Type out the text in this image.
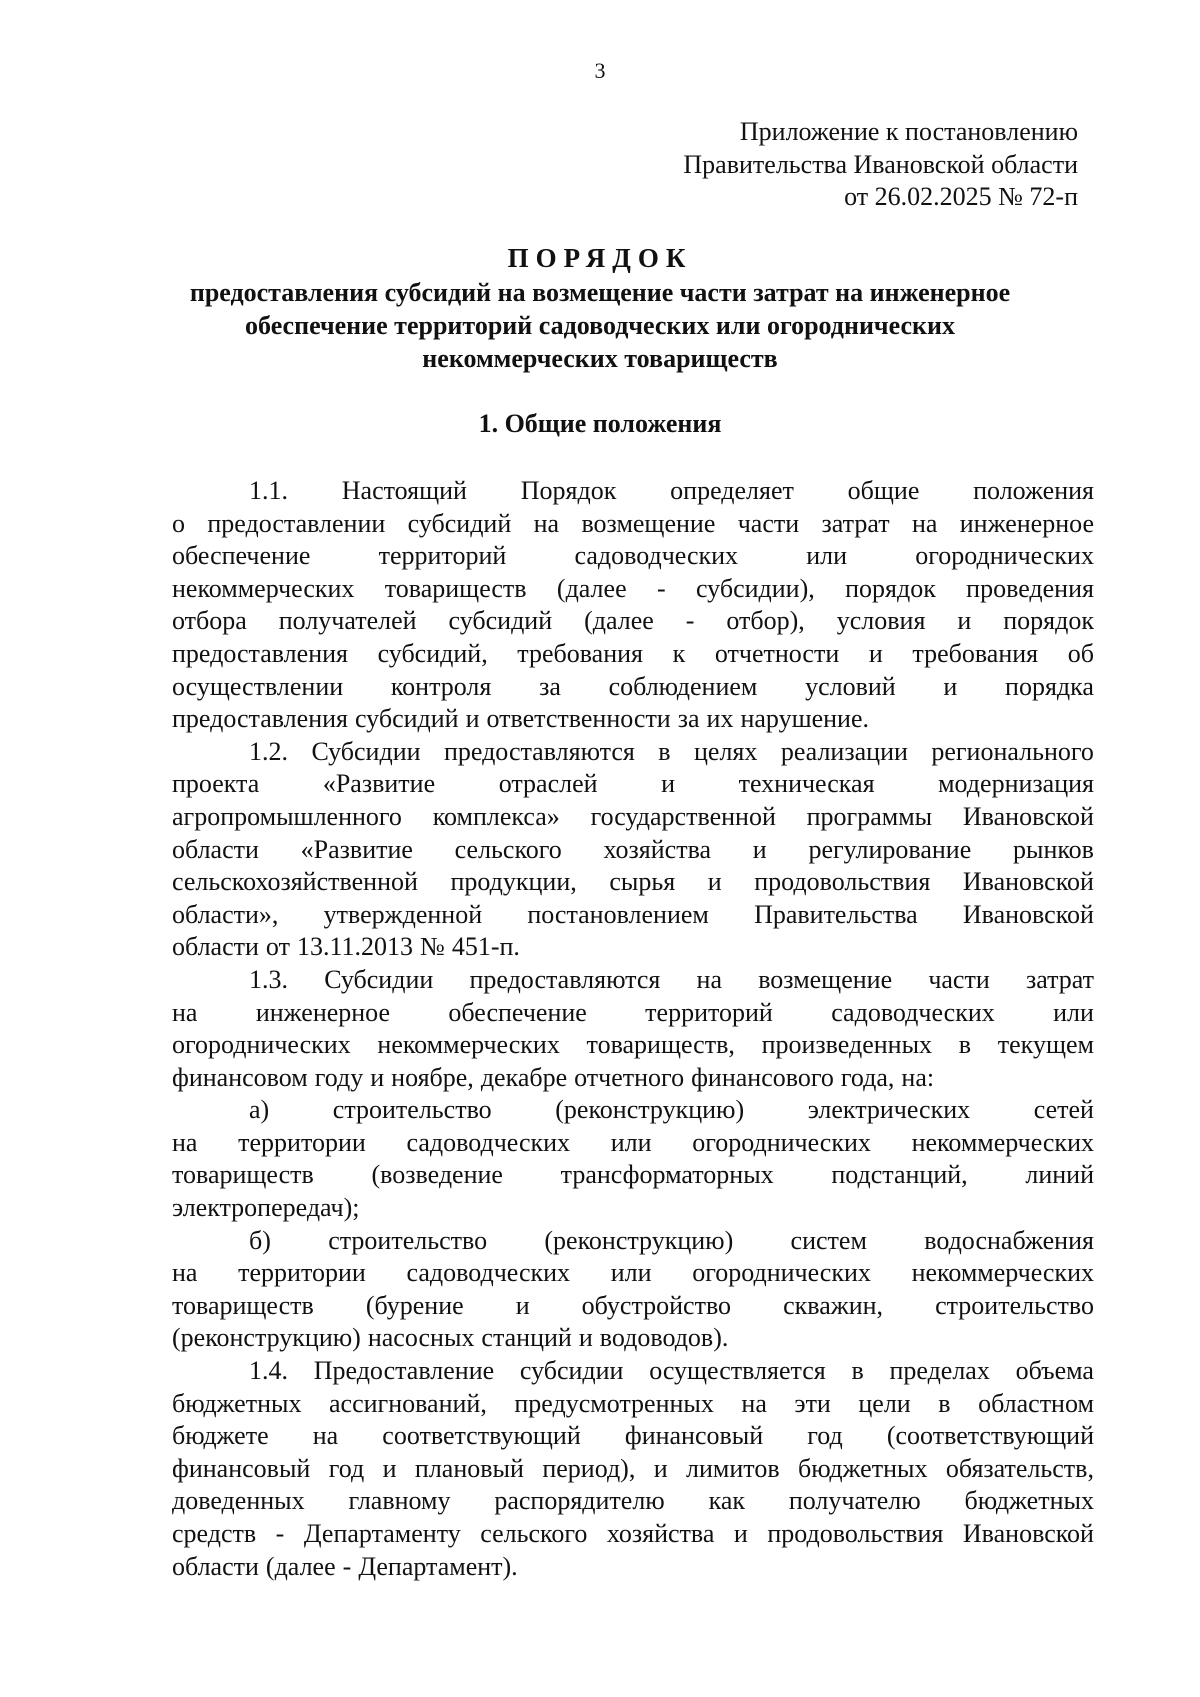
3
Приложение к постановлению
Правительства Ивановской области
от 26.02.2025 № 72-п
ПОРЯДОК
предоставления субсидий на возмещение части затрат на инженерное
обеспечение территорий садоводческих или огороднических
некоммерческих товариществ
1. Общие положения
1.1. Настоящий Порядок определяет общие положения
о предоставлении субсидий на возмещение части затрат на инженерное
обеспечение	территорий	садоводческих	или	огороднических
некоммерческих товариществ (далее - субсидии), порядок проведения
отбора получателей субсидий (далее - отбор), условия и порядок
предоставления субсидий, требования к отчетности и требования об
осуществлении контроля за соблюдением условий и порядка
предоставления субсидий и ответственности за их нарушение.
1.2. Субсидии предоставляются в целях реализации регионального
проекта «Развитие отраслей и техническая модернизация
агропромышленного комплекса» государственной программы Ивановской
области «Развитие сельского хозяйства и регулирование рынков
сельскохозяйственной продукции, сырья и продовольствия Ивановской
области», утвержденной постановлением Правительства Ивановской
области от 13.11.2013 № 451-п.
1.3. Субсидии предоставляются на возмещение части затрат
на инженерное обеспечение территорий садоводческих или
огороднических некоммерческих товариществ, произведенных в текущем
финансовом году и ноябре, декабре отчетного финансового года, на:
а) строительство (реконструкцию) электрических сетей
на территории садоводческих или огороднических некоммерческих
товариществ (возведение трансформаторных подстанций, линий
электропередач);
б) строительство (реконструкцию) систем водоснабжения
на территории садоводческих или огороднических некоммерческих
товариществ (бурение и обустройство скважин, строительство
(реконструкцию) насосных станций и водоводов).
1.4. Предоставление субсидии осуществляется в пределах объема
бюджетных ассигнований, предусмотренных на эти цели в областном
бюджете на соответствующий финансовый год (соответствующий
финансовый год и плановый период), и лимитов бюджетных обязательств,
доведенных главному распорядителю как получателю бюджетных
средств - Департаменту сельского хозяйства и продовольствия Ивановской
области (далее - Департамент).
